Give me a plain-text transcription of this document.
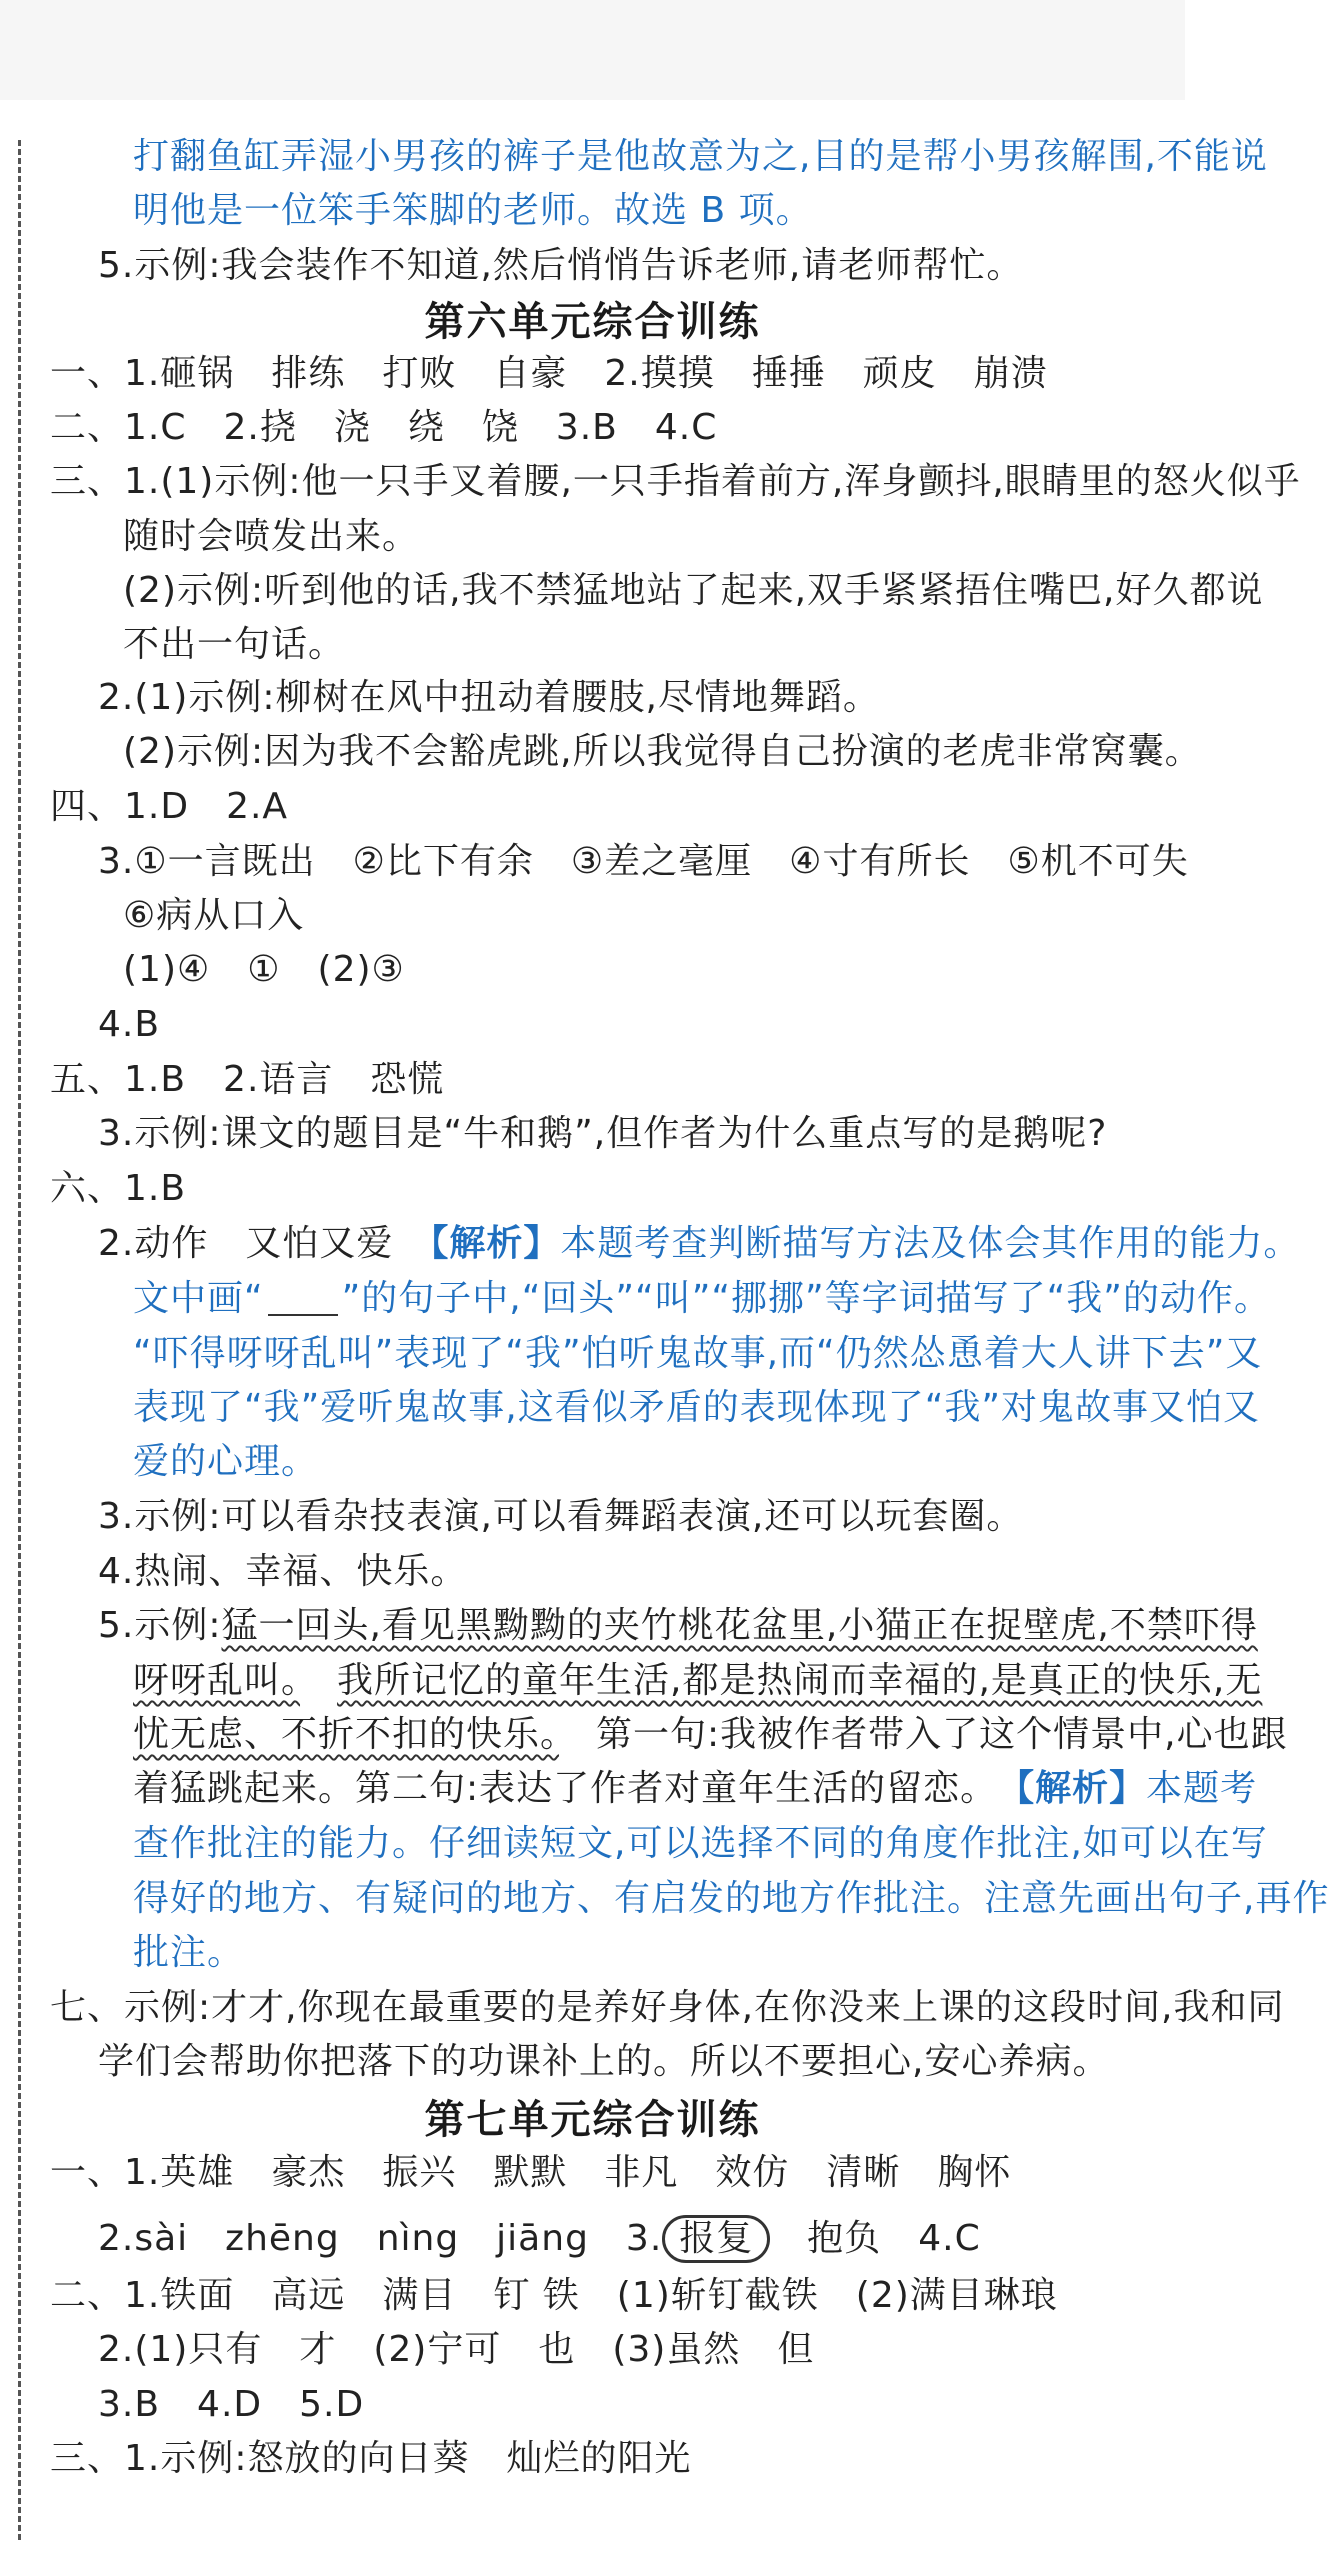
打翻鱼缸弄湿小男孩的裤子是他故意为之,目的是帮小男孩解围,不能说
明他是一位笨手笨脚的老师。故选 B 项。
5.示例:我会装作不知道,然后悄悄告诉老师,请老师帮忙。
第六单元综合训练
一、1.砸锅　排练　打败　自豪　2.摸摸　捶捶　顽皮　崩溃
二、1.C　2.挠　浇　绕　饶　3.B　4.C
三、1.(1)示例:他一只手叉着腰,一只手指着前方,浑身颤抖,眼睛里的怒火似乎
随时会喷发出来。
(2)示例:听到他的话,我不禁猛地站了起来,双手紧紧捂住嘴巴,好久都说
不出一句话。
2.(1)示例:柳树在风中扭动着腰肢,尽情地舞蹈。
(2)示例:因为我不会豁虎跳,所以我觉得自己扮演的老虎非常窝囊。
四、1.D　2.A
3.①一言既出　②比下有余　③差之毫厘　④寸有所长　⑤机不可失
⑥病从口入
(1)④　①　(2)③
4.B
五、1.B　2.语言　恐慌
3.示例:课文的题目是“牛和鹅”,但作者为什么重点写的是鹅呢?
六、1.B
2.动作　又怕又爱　【解析】本题考查判断描写方法及体会其作用的能力。
文中画“ ”的句子中,“回头”“叫”“挪挪”等字词描写了“我”的动作。
“吓得呀呀乱叫”表现了“我”怕听鬼故事,而“仍然怂恿着大人讲下去”又
表现了“我”爱听鬼故事,这看似矛盾的表现体现了“我”对鬼故事又怕又
爱的心理。
3.示例:可以看杂技表演,可以看舞蹈表演,还可以玩套圈。
4.热闹、幸福、快乐。
5.示例:猛一回头,看见黑黝黝的夹竹桃花盆里,小猫正在捉壁虎,不禁吓得
呀呀乱叫。　 我所记忆的童年生活,都是热闹而幸福的,是真正的快乐,无
忧无虑、不折不扣的快乐。　第一句:我被作者带入了这个情景中,心也跟
着猛跳起来。第二句:表达了作者对童年生活的留恋。　【解析】本题考
查作批注的能力。仔细读短文,可以选择不同的角度作批注,如可以在写
得好的地方、有疑问的地方、有启发的地方作批注。注意先画出句子,再作
批注。
七、示例:才才,你现在最重要的是养好身体,在你没来上课的这段时间,我和同
学们会帮助你把落下的功课补上的。所以不要担心,安心养病。
第七单元综合训练
一、1.英雄　豪杰　振兴　默默　非凡　效仿　清晰　胸怀
2.sài　zhēng　nìng　jiāng　3. 报复　抱负　4.C
二、1.铁面　高远　满目　钉 铁　(1)斩钉截铁　(2)满目琳琅
2.(1)只有　才　(2)宁可　也　(3)虽然　但
3.B　4.D　5.D
三、1.示例:怒放的向日葵　灿烂的阳光
